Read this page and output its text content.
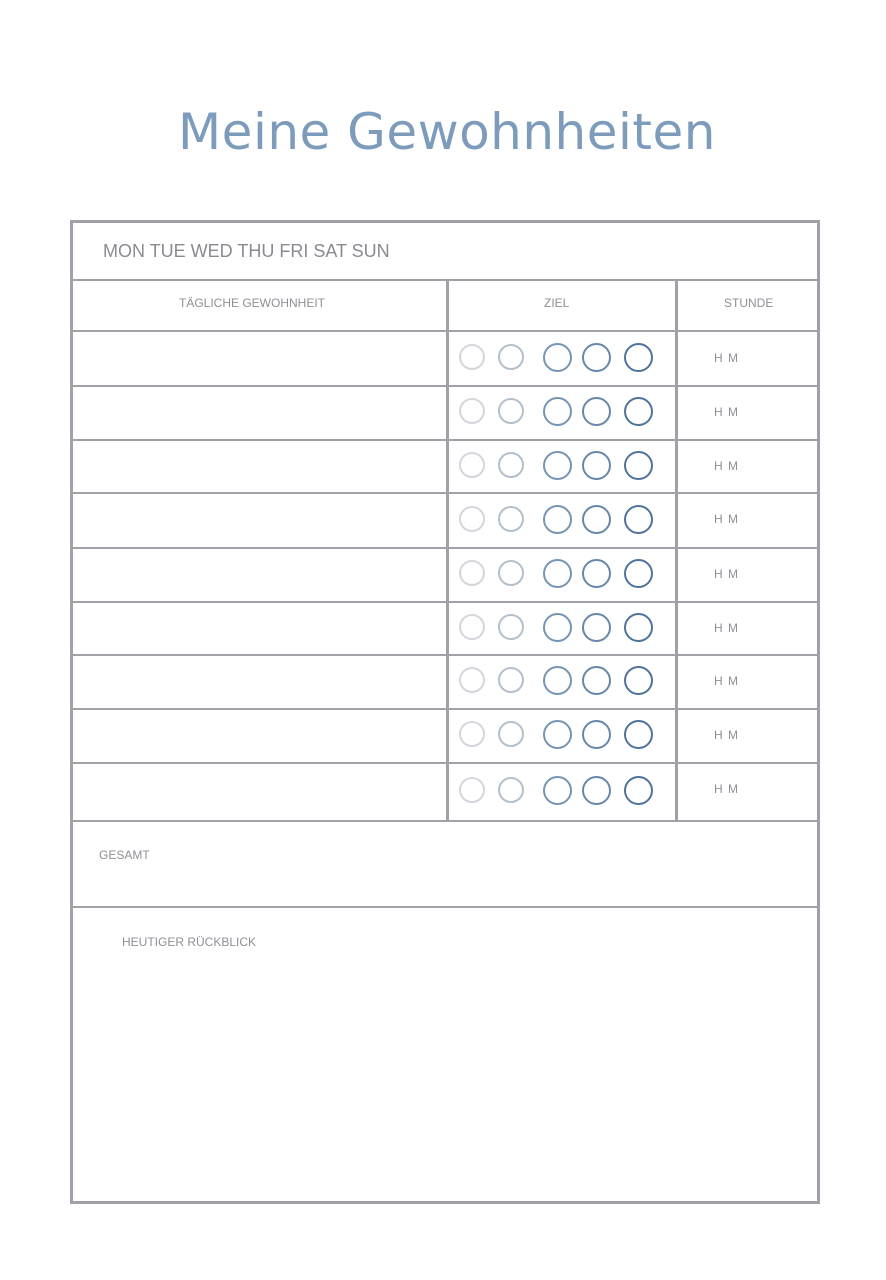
Meine Gewohnheiten
MON TUE WED THU FRI SAT SUN
TÄGLICHE GEWOHNHEIT	ZIEL	STUNDE
GESAMT
HEUTIGER RÜCKBLICK
H M
H M
H M
H M
H M
H M
H M
H M
H M
